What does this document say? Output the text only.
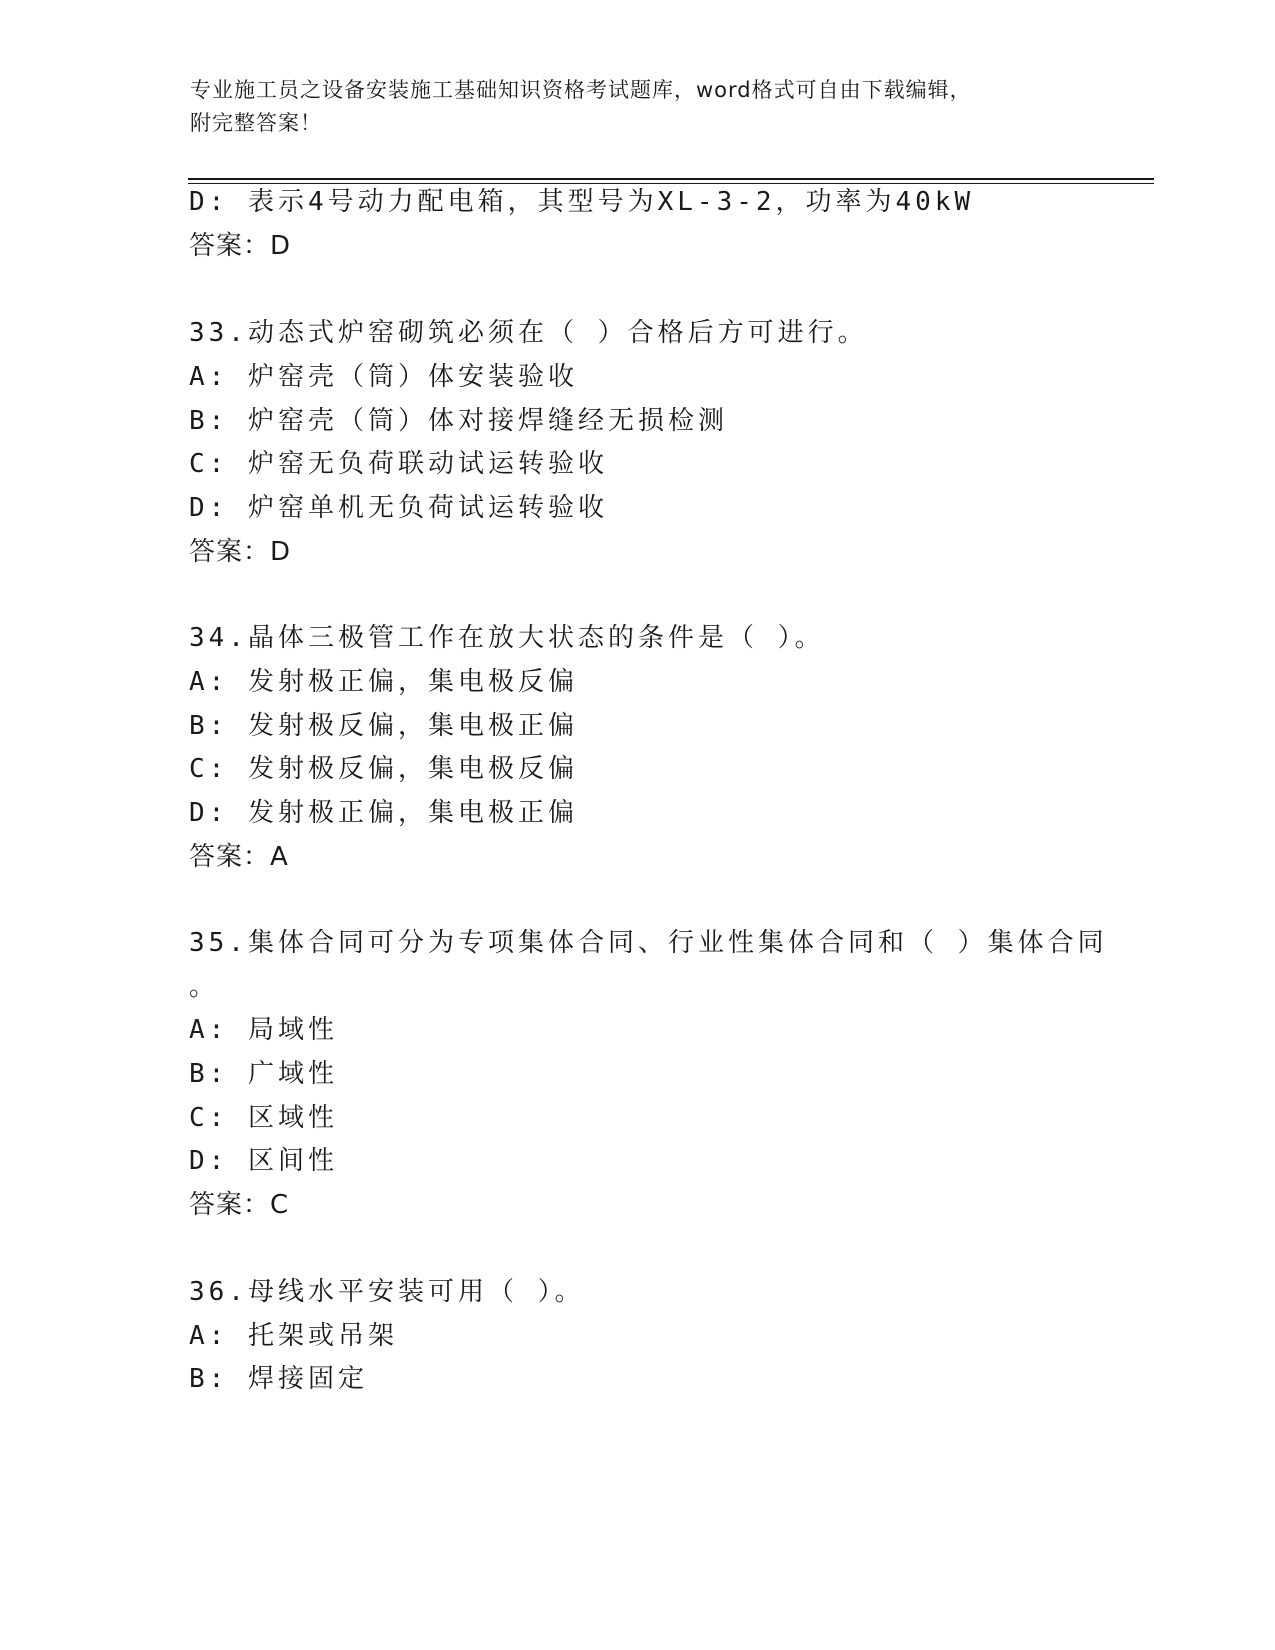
专业施工员之设备安装施工基础知识资格考试题库，word格式可自由下载编辑，
附完整答案！
D: 表示4号动力配电箱，其型号为XL-3-2，功率为40kW
答案：D
33.动态式炉窑砌筑必须在（ ）合格后方可进行。
A: 炉窑壳（筒）体安装验收
B: 炉窑壳（筒）体对接焊缝经无损检测
C: 炉窑无负荷联动试运转验收
D: 炉窑单机无负荷试运转验收
答案：D
34.晶体三极管工作在放大状态的条件是（ ）。
A: 发射极正偏，集电极反偏
B: 发射极反偏，集电极正偏
C: 发射极反偏，集电极反偏
D: 发射极正偏，集电极正偏
答案：A
35.集体合同可分为专项集体合同、行业性集体合同和（ ）集体合同
。
A: 局域性
B: 广域性
C: 区域性
D: 区间性
答案：C
36.母线水平安装可用（ ）。
A: 托架或吊架
B: 焊接固定
